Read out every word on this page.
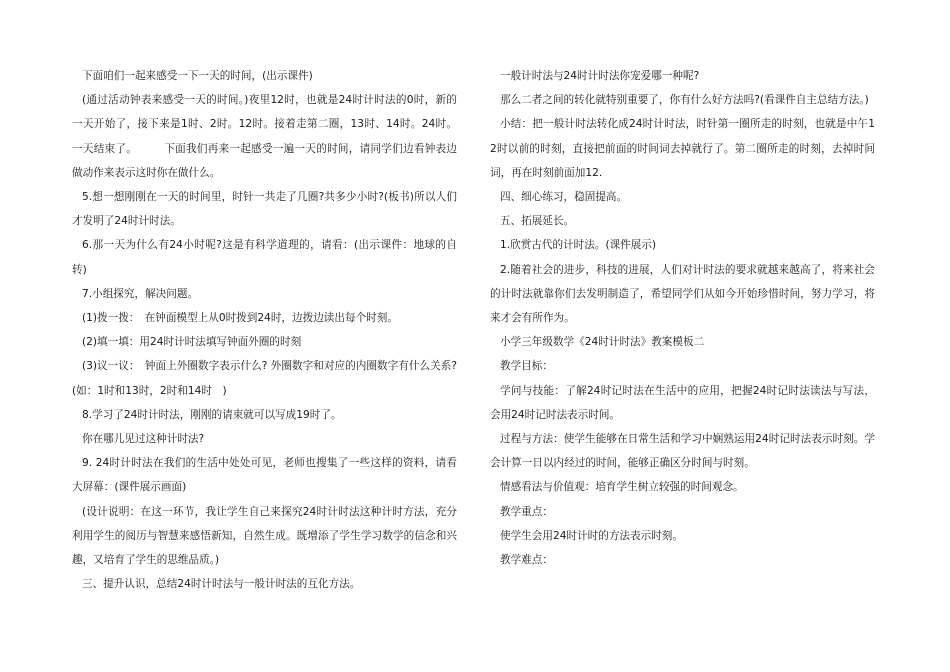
下面咱们一起来感受一下一天的时间，(出示课件)

(通过活动钟表来感受一天的时间。)夜里12时，也就是24时计时法的0时，新的一天开始了，接下来是1时、2时。12时。接着走第二圈，13时、14时。24时。一天结束了。　　　下面我们再来一起感受一遍一天的时间，请同学们边看钟表边做动作来表示这时你在做什么。

5.想一想刚刚在一天的时间里，时针一共走了几圈?共多少小时?(板书)所以人们才发明了24时计时法。

6.那一天为什么有24小时呢?这是有科学道理的，请看：(出示课件：地球的自转)

7.小组探究，解决问题。

(1)拨一拨：　在钟面模型上从0时拨到24时，边拨边读出每个时刻。

(2)填一填：用24时计时法填写钟面外圈的时刻

(3)议一议：　钟面上外圈数字表示什么? 外圈数字和对应的内圈数字有什么关系? (如：1时和13时，2时和14时　)

8.学习了24时计时法，刚刚的请束就可以写成19时了。

你在哪儿见过这种计时法?

9. 24时计时法在我们的生活中处处可见，老师也搜集了一些这样的资料，请看大屏幕：(课件展示画面)

(设计说明：在这一环节，我让学生自己来探究24时计时法这种计时方法，充分利用学生的阅历与智慧来感悟新知，自然生成。既增添了学生学习数学的信念和兴趣，又培育了学生的思维品质。)

三、提升认识，总结24时计时法与一般计时法的互化方法。

一般计时法与24时计时法你宠爱哪一种呢?

那么二者之间的转化就特别重要了，你有什么好方法吗?(看课件自主总结方法。)

小结：把一般计时法转化成24时计时法，时针第一圈所走的时刻，也就是中午12时以前的时刻，直接把前面的时间词去掉就行了。第二圈所走的时刻，去掉时间词，再在时刻前面加12.

四、细心练习，稳固提高。

五、拓展延长。

1.欣赏古代的计时法。(课件展示)

2.随着社会的进步，科技的进展，人们对计时法的要求就越来越高了，将来社会的计时法就靠你们去发明制造了，希望同学们从如今开始珍惜时间，努力学习，将来才会有所作为。

小学三年级数学《24时计时法》教案模板二

教学目标：

学问与技能：了解24时记时法在生活中的应用，把握24时记时法读法与写法，会用24时记时法表示时间。

过程与方法：使学生能够在日常生活和学习中娴熟运用24时记时法表示时刻。学会计算一日以内经过的时间，能够正确区分时间与时刻。

情感看法与价值观：培育学生树立较强的时间观念。

教学重点：

使学生会用24时计时的方法表示时刻。

教学难点：
